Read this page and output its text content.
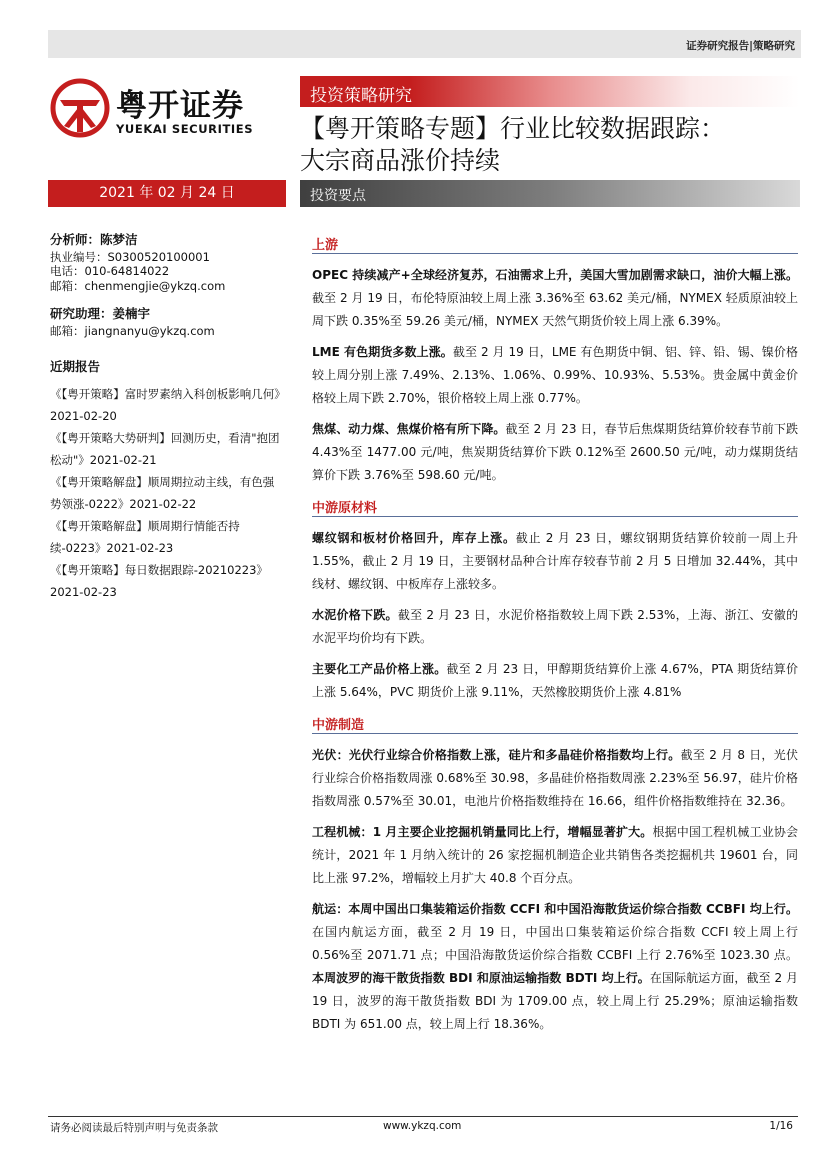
证券研究报告|策略研究
粤开证券
YUEKAI SECURITIES
投资策略研究
【粤开策略专题】行业比较数据跟踪：
大宗商品涨价持续
2021 年 02 月 24 日	投资要点
分析师：陈梦洁
执业编号：S0300520100001
电话：010-64814022
邮箱：chenmengjie@ykzq.com
研究助理：姜楠宇
邮箱：jiangnanyu@ykzq.com
近期报告
《【粤开策略】富时罗素纳入科创板影响几何》2021-02-20
《【粤开策略大势研判】回测历史，看清"抱团松动"》2021-02-21
《【粤开策略解盘】顺周期拉动主线，有色强势领涨-0222》2021-02-22
《【粤开策略解盘】顺周期行情能否持续-0223》2021-02-23
《【粤开策略】每日数据跟踪-20210223》2021-02-23
上游
OPEC 持续减产+全球经济复苏，石油需求上升，美国大雪加剧需求缺口，油价大幅上涨。截至 2 月 19 日，布伦特原油较上周上涨 3.36%至 63.62 美元/桶，NYMEX 轻质原油较上周下跌 0.35%至 59.26 美元/桶，NYMEX 天然气期货价较上周上涨 6.39%。
LME 有色期货多数上涨。截至 2 月 19 日，LME 有色期货中铜、铝、锌、铅、锡、镍价格较上周分别上涨 7.49%、2.13%、1.06%、0.99%、10.93%、5.53%。贵金属中黄金价格较上周下跌 2.70%，银价格较上周上涨 0.77%。
焦煤、动力煤、焦煤价格有所下降。截至 2 月 23 日，春节后焦煤期货结算价较春节前下跌 4.43%至 1477.00 元/吨，焦炭期货结算价下跌 0.12%至 2600.50 元/吨，动力煤期货结算价下跌 3.76%至 598.60 元/吨。
中游原材料
螺纹钢和板材价格回升，库存上涨。截止 2 月 23 日，螺纹钢期货结算价较前一周上升 1.55%，截止 2 月 19 日，主要钢材品种合计库存较春节前 2 月 5 日增加 32.44%，其中线材、螺纹钢、中板库存上涨较多。
水泥价格下跌。截至 2 月 23 日，水泥价格指数较上周下跌 2.53%，上海、浙江、安徽的水泥平均价均有下跌。
主要化工产品价格上涨。截至 2 月 23 日，甲醇期货结算价上涨 4.67%，PTA 期货结算价上涨 5.64%，PVC 期货价上涨 9.11%，天然橡胶期货价上涨 4.81%
中游制造
光伏：光伏行业综合价格指数上涨，硅片和多晶硅价格指数均上行。截至 2 月 8 日，光伏行业综合价格指数周涨 0.68%至 30.98，多晶硅价格指数周涨 2.23%至 56.97，硅片价格指数周涨 0.57%至 30.01，电池片价格指数维持在 16.66，组件价格指数维持在 32.36。
工程机械：1 月主要企业挖掘机销量同比上行，增幅显著扩大。根据中国工程机械工业协会统计，2021 年 1 月纳入统计的 26 家挖掘机制造企业共销售各类挖掘机共 19601 台，同比上涨 97.2%，增幅较上月扩大 40.8 个百分点。
航运：本周中国出口集装箱运价指数 CCFI 和中国沿海散货运价综合指数 CCBFI 均上行。在国内航运方面，截至 2 月 19 日，中国出口集装箱运价综合指数 CCFI 较上周上行 0.56%至 2071.71 点；中国沿海散货运价综合指数 CCBFI 上行 2.76%至 1023.30 点。本周波罗的海干散货指数 BDI 和原油运输指数 BDTI 均上行。在国际航运方面，截至 2 月 19 日，波罗的海干散货指数 BDI 为 1709.00 点，较上周上行 25.29%；原油运输指数 BDTI 为 651.00 点，较上周上行 18.36%。
请务必阅读最后特别声明与免责条款	www.ykzq.com	1/16
